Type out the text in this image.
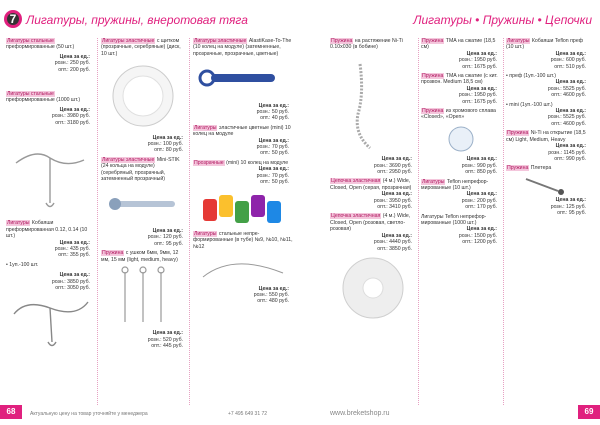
7 Лигатуры, пружины, внеротовая тяга
Лигатуры стальные преформированные (50 шт.)
Цена за ед.:
розн.: 250 руб.
опт.: 200 руб.
Лигатуры стальные преформированные (1000 шт.)
Цена за ед.:
розн.: 3980 руб.
опт.: 3180 руб.
Лигатуры Кобаяши преформированная 0.12, 0.14 (10 шт.)
Цена за ед.:
розн.: 435 руб.
опт.: 355 руб.
• 1уп.-100 шт.
Цена за ед.:
розн.: 3850 руб.
опт.: 3050 руб.
Лигатуры эластичные с щитком (прозрачные, серебряные) (диск, 10 шт.)
Цена за ед.:
розн.: 100 руб.
опт.: 80 руб.
Лигатуры эластичные Mini-STIK (24 кольца на модуле) (серебряный, прозрачный, затемненный прозрачный)
Цена за ед.:
розн.: 120 руб.
опт.: 95 руб.
Пружина с ушком 6мм, 9мм, 12 мм, 15 мм (light, medium, heavy)
Цена за ед.:
розн.: 520 руб.
опт.: 445 руб.
Лигатуры эластичные AlastiKase-To-The (10 колец на модуле) (затемненные, прозрачные, прозрачные, цветные)
Цена за ед.:
розн.: 50 руб.
опт.: 40 руб.
Лигатуры эластичные цветные (mini) 10 колец на модуле
Цена за ед.:
розн.: 70 руб.
опт.: 50 руб.
Прозрачные (mini) 10 колец на модуле
Цена за ед.:
розн.: 70 руб.
опт.: 50 руб.
Лигатуры стальные непре-формированные (в тубе) №9, №10, №11, №12
Цена за ед.:
розн.: 550 руб.
опт.: 480 руб.
68	Актуальную цену на товар уточняйте у менеджера	+7 495 649 31 72
Лигатуры • Пружины • Цепочки
Пружина на растяжение Ni-Ti 0.10x030 (в бобине)
Цена за ед.:
розн.: 3690 руб.
опт.: 2950 руб.
Цепочка эластичная (4 м.) Wide, Closed, Open (серая, прозрачная)
Цена за ед.:
розн.: 3950 руб.
опт.: 3410 руб.
Цепочка эластичная (4 м.) Wide, Closed, Open (розовая, светло-розовая)
Цена за ед.:
розн.: 4440 руб.
опт.: 3850 руб.
Пружина TMA на сжатие (18,5 см)
Цена за ед.:
розн.: 1950 руб.
опт.: 1675 руб.
Пружина TMA на сжатие (с кит. прозвон. Medium 18,5 см)
Цена за ед.:
розн.: 1950 руб.
опт.: 1675 руб.
Пружина из хромового сплава «Closed», «Open»
Цена за ед.:
розн.: 990 руб.
опт.: 850 руб.
Лигатуры Teflon непрефор-мированные (10 шт.)
Цена за ед.:
розн.: 200 руб.
опт.: 170 руб.
Лигатуры Teflon непрефор-мированные (1000 шт.)
Цена за ед.:
розн.: 1500 руб.
опт.: 1200 руб.
Лигатуры Кобаяши Teflon преф (10 шт.)
Цена за ед.:
розн.: 600 руб.
опт.: 510 руб.
• преф (1уп.-100 шт.)
Цена за ед.:
розн.: 5525 руб.
опт.: 4600 руб.
• mini (1уп.-100 шт.)
Цена за ед.:
розн.: 5525 руб.
опт.: 4600 руб.
Пружина Ni-Ti на открытие (18,5 см) Light, Medium, Heavy
Цена за ед.:
розн.: 1145 руб.
опт.: 990 руб.
Пружина Плетера
Цена за ед.:
розн.: 125 руб.
опт.: 95 руб.
www.breketshop.ru	69
